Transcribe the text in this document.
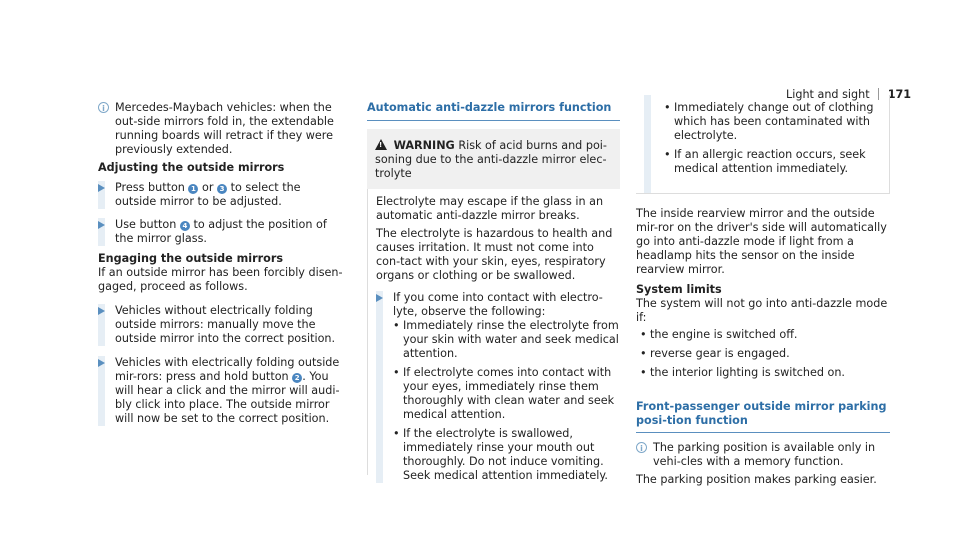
Light and sight 171
i Mercedes-Maybach vehicles: when the out-side mirrors fold in, the extendable running boards will retract if they were previously extended.
Adjusting the outside mirrors
Press button 1 or 3 to select the outside mirror to be adjusted.
Use button 4 to adjust the position of the mirror glass.
Engaging the outside mirrors
If an outside mirror has been forcibly disen-gaged, proceed as follows.
Vehicles without electrically folding outside mirrors: manually move the outside mirror into the correct position.
Vehicles with electrically folding outside mir-rors: press and hold button 2 . You will hear a click and the mirror will audi-bly click into place. The outside mirror will now be set to the correct position.
Automatic anti-dazzle mirrors function
! WARNING Risk of acid burns and poi-soning due to the anti-dazzle mirror elec-trolyte
Electrolyte may escape if the glass in an automatic anti-dazzle mirror breaks.
The electrolyte is hazardous to health and causes irritation. It must not come into con-tact with your skin, eyes, respiratory organs or clothing or be swallowed.
If you come into contact with electro-lyte, observe the following:
• Immediately rinse the electrolyte from your skin with water and seek medical attention.
• If electrolyte comes into contact with your eyes, immediately rinse them thoroughly with clean water and seek medical attention.
• If the electrolyte is swallowed, immediately rinse your mouth out thoroughly. Do not induce vomiting. Seek medical attention immediately.
• Immediately change out of clothing which has been contaminated with electrolyte.
• If an allergic reaction occurs, seek medical attention immediately.
The inside rearview mirror and the outside mir-ror on the driver's side will automatically go into anti-dazzle mode if light from a headlamp hits the sensor on the inside rearview mirror.
System limits
The system will not go into anti-dazzle mode if:
• the engine is switched off.
• reverse gear is engaged.
• the interior lighting is switched on.
Front-passenger outside mirror parking posi-tion function
i The parking position is available only in vehi-cles with a memory function.
The parking position makes parking easier.
